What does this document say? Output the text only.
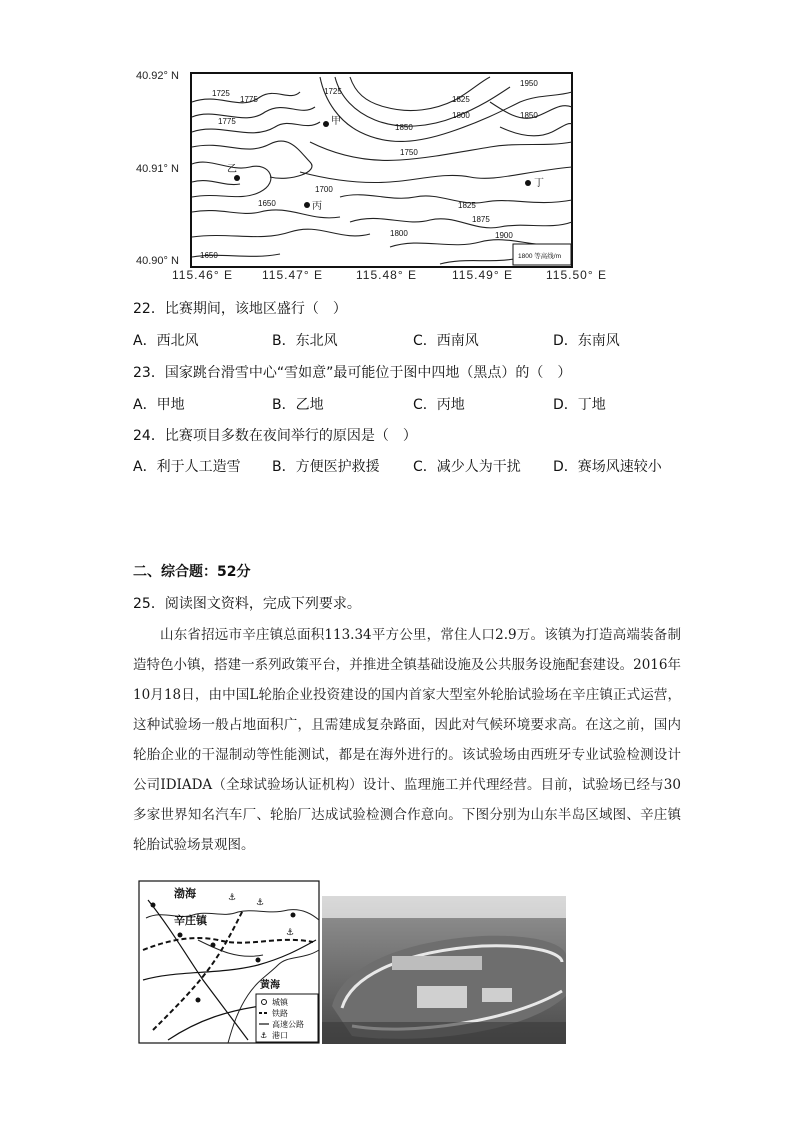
40.92° N
40.91° N
40.90° N
1725
1775
1775
1725
1950
1825
1800
1850
1850
1750
1700
1650	1825
1875
1900
1800
1650
甲
乙
丙
丁
1800 等高线/m
115.46° E 115.47° E	115.48° E	115.49° E	115.50° E
22．比赛期间，该地区盛行（　）
A．西北风	B．东北风	C．西南风	D．东南风
23．国家跳台滑雪中心“雪如意”最可能位于图中四地（黑点）的（　）
A．甲地	B．乙地	C．丙地	D．丁地
24．比赛项目多数在夜间举行的原因是（　）
A．利于人工造雪 B．方便医护救援 C．减少人为干扰 D．赛场风速较小
二、综合题：52分
25．阅读图文资料，完成下列要求。

山东省招远市辛庄镇总面积113.34平方公里，常住人口2.9万。该镇为打造高端装备制造特色小镇，搭建一系列政策平台，并推进全镇基础设施及公共服务设施配套建设。2016年10月18日，由中国L轮胎企业投资建设的国内首家大型室外轮胎试验场在辛庄镇正式运营，这种试验场一般占地面积广，且需建成复杂路面，因此对气候环境要求高。在这之前，国内轮胎企业的干湿制动等性能测试，都是在海外进行的。该试验场由西班牙专业试验检测设计公司IDIADA（全球试验场认证机构）设计、监理施工并代理经营。目前，试验场已经与30多家世界知名汽车厂、轮胎厂达成试验检测合作意向。下图分别为山东半岛区域图、辛庄镇轮胎试验场景观图。

渤海
辛庄镇
黄海
城镇
铁路
高速公路
⚓ 港口
⚓ ⚓
⚓
